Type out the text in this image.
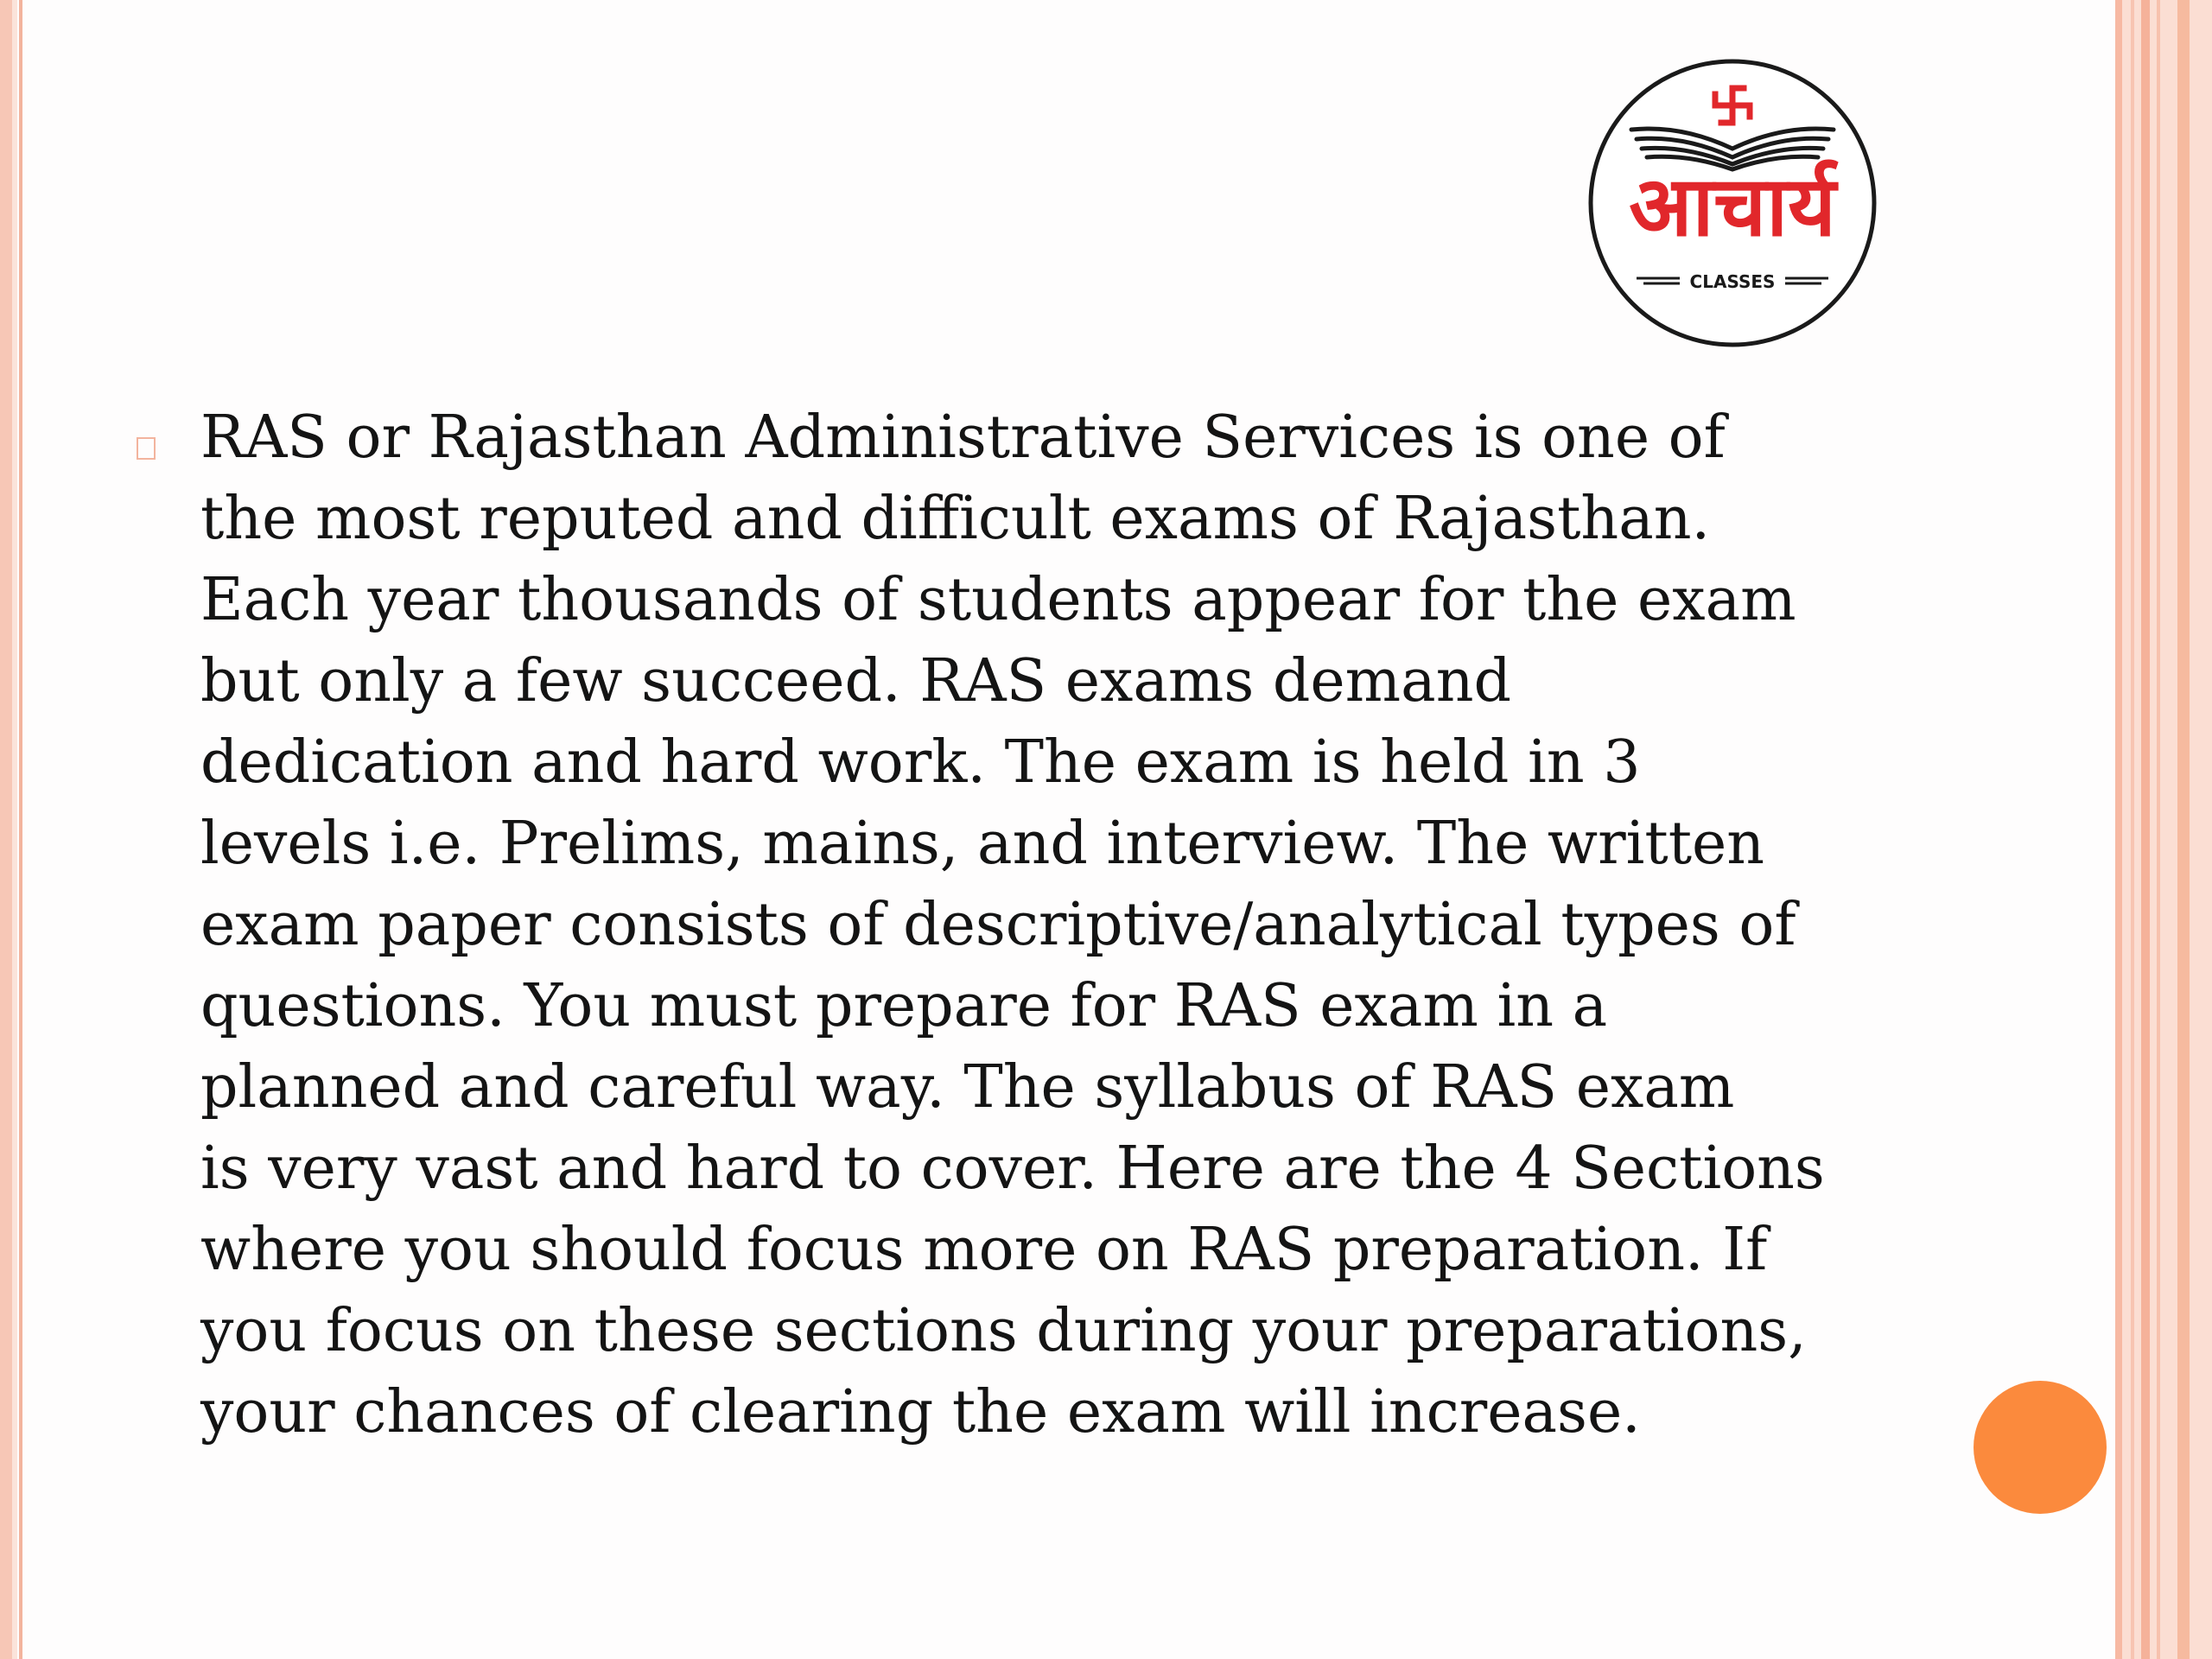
आचार्य
CLASSES

RAS or Rajasthan Administrative Services is one of
the most reputed and difficult exams of Rajasthan.
Each year thousands of students appear for the exam
but only a few succeed. RAS exams demand
dedication and hard work. The exam is held in 3
levels i.e. Prelims, mains, and interview. The written
exam paper consists of descriptive/analytical types of
questions. You must prepare for RAS exam in a
planned and careful way. The syllabus of RAS exam
is very vast and hard to cover. Here are the 4 Sections
where you should focus more on RAS preparation. If
you focus on these sections during your preparations,
your chances of clearing the exam will increase.
